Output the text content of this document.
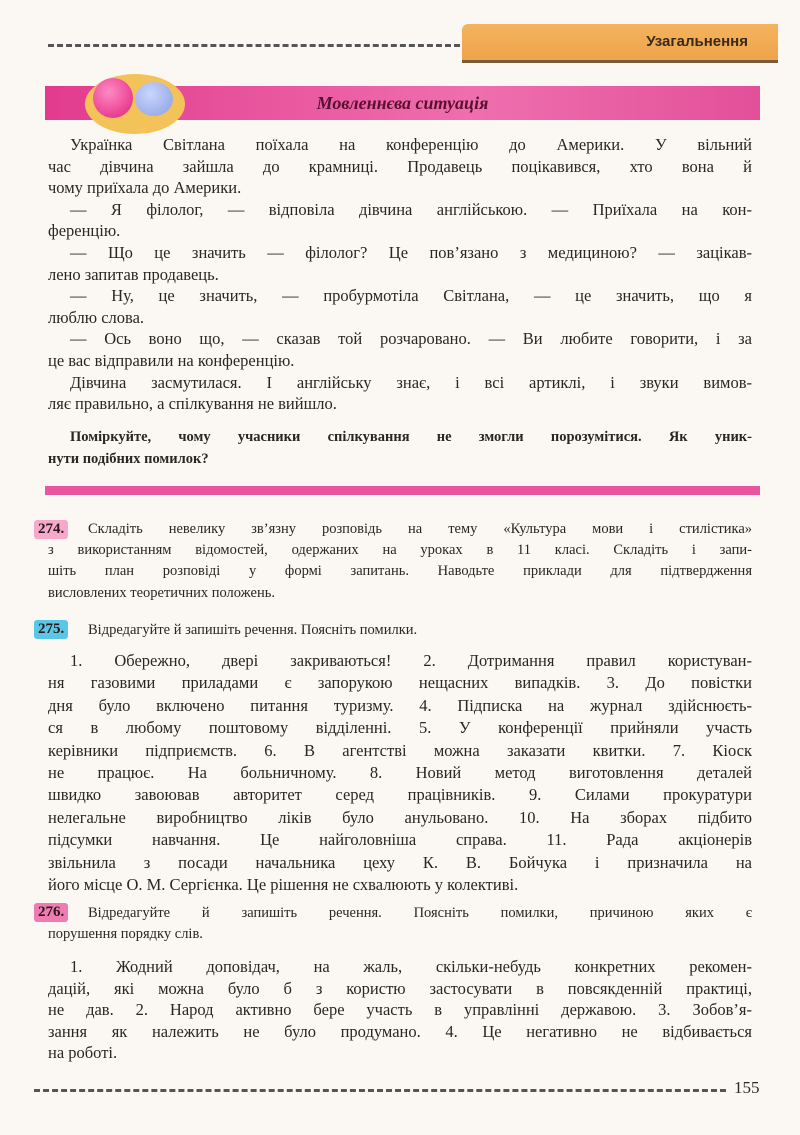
Узагальнення
Мовленнєва ситуація
Українка Світлана поїхала на конференцію до Америки. У вільний
час дівчина зайшла до крамниці. Продавець поцікавився, хто вона й
чому приїхала до Америки.
— Я філолог, — відповіла дівчина англійською. — Приїхала на кон-
ференцію.
— Що це значить — філолог? Це пов’язано з медициною? — зацікав-
лено запитав продавець.
— Ну, це значить, — пробурмотіла Світлана, — це значить, що я
люблю слова.
— Ось воно що, — сказав той розчаровано. — Ви любите говорити, і за
це вас відправили на конференцію.
Дівчина засмутилася. І англійську знає, і всі артиклі, і звуки вимов-
ляє правильно, а спілкування не вийшло.
Поміркуйте, чому учасники спілкування не змогли порозумітися. Як уник-
нути подібних помилок?
274.	Складіть невелику зв’язну розповідь на тему «Культура мови і стилістика»
з використанням відомостей, одержаних на уроках в 11 класі. Складіть і запи-
шіть план розповіді у формі запитань. Наводьте приклади для підтвердження
висловлених теоретичних положень.
275.	Відредагуйте й запишіть речення. Поясніть помилки.
1. Обережно, двері закриваються! 2. Дотримання правил користуван-
ня газовими приладами є запорукою нещасних випадків. 3. До повістки
дня було включено питання туризму. 4. Підписка на журнал здійснюєть-
ся в любому поштовому відділенні. 5. У конференції прийняли участь
керівники підприємств. 6. В агентстві можна заказати квитки. 7. Кіоск
не працює. На больничному. 8. Новий метод виготовлення деталей
швидко завоював авторитет серед працівників. 9. Силами прокуратури
нелегальне виробництво ліків було анульовано. 10. На зборах підбито
підсумки навчання. Це найголовніша справа. 11. Рада акціонерів
звільнила з посади начальника цеху К. В. Бойчука і призначила на
його місце О. М. Сергієнка. Це рішення не схвалюють у колективі.
276.	Відредагуйте й запишіть речення. Поясніть помилки, причиною яких є
порушення порядку слів.
1. Жодний доповідач, на жаль, скільки-небудь конкретних рекомен-
дацій, які можна було б з користю застосувати в повсякденній практиці,
не дав. 2. Народ активно бере участь в управлінні державою. 3. Зобов’я-
зання як належить не було продумано. 4. Це негативно не відбивається
на роботі.
155
